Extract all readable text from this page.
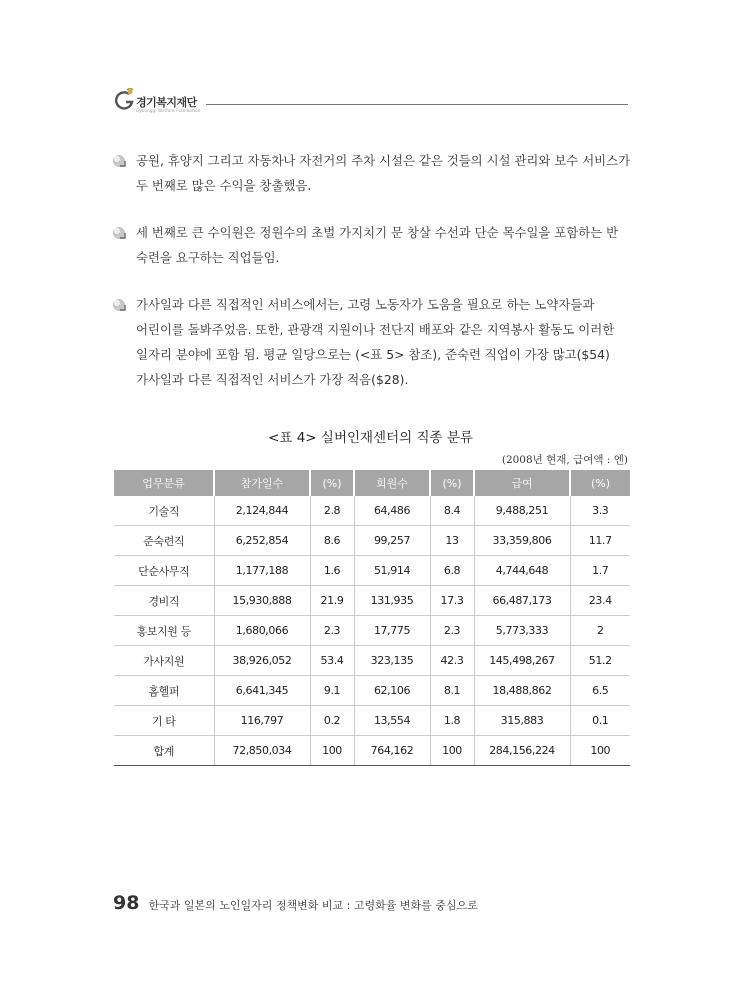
경기복지재단
Gyeonggi Welfare Foundation
공원, 휴양지 그리고 자동차나 자전거의 주차 시설은 같은 것들의 시설 관리와 보수 서비스가 두 번째로 많은 수익을 창출했음.
세 번째로 큰 수익원은 정원수의 초벌 가지치기 문 창살 수선과 단순 목수일을 포함하는 반 숙련을 요구하는 직업들임.
가사일과 다른 직접적인 서비스에서는, 고령 노동자가 도움을 필요로 하는 노약자들과 어린이를 돌봐주었음. 또한, 관광객 지원이나 전단지 배포와 같은 지역봉사 활동도 이러한 일자리 분야에 포함 됨. 평균 일당으로는 (<표 5> 참조), 준숙련 직업이 가장 많고($54) 가사일과 다른 직접적인 서비스가 가장 적음($28).
<표 4> 실버인재센터의 직종 분류
(2008년 현재, 급여액 : 엔)
업무분류	참가일수	(%)	회원수	(%)	급여	(%)
기술직	2,124,844	2.8	64,486	8.4	9,488,251	3.3
준숙련직	6,252,854	8.6	99,257	13	33,359,806	11.7
단순사무직	1,177,188	1.6	51,914	6.8	4,744,648	1.7
경비직	15,930,888	21.9	131,935	17.3	66,487,173	23.4
홍보지원 등	1,680,066	2.3	17,775	2.3	5,773,333	2
가사지원	38,926,052	53.4	323,135	42.3	145,498,267	51.2
홈헬퍼	6,641,345	9.1	62,106	8.1	18,488,862	6.5
기 타	116,797	0.2	13,554	1.8	315,883	0.1
합계	72,850,034	100	764,162	100	284,156,224	100
98 한국과 일본의 노인일자리 정책변화 비교 : 고령화율 변화를 중심으로
